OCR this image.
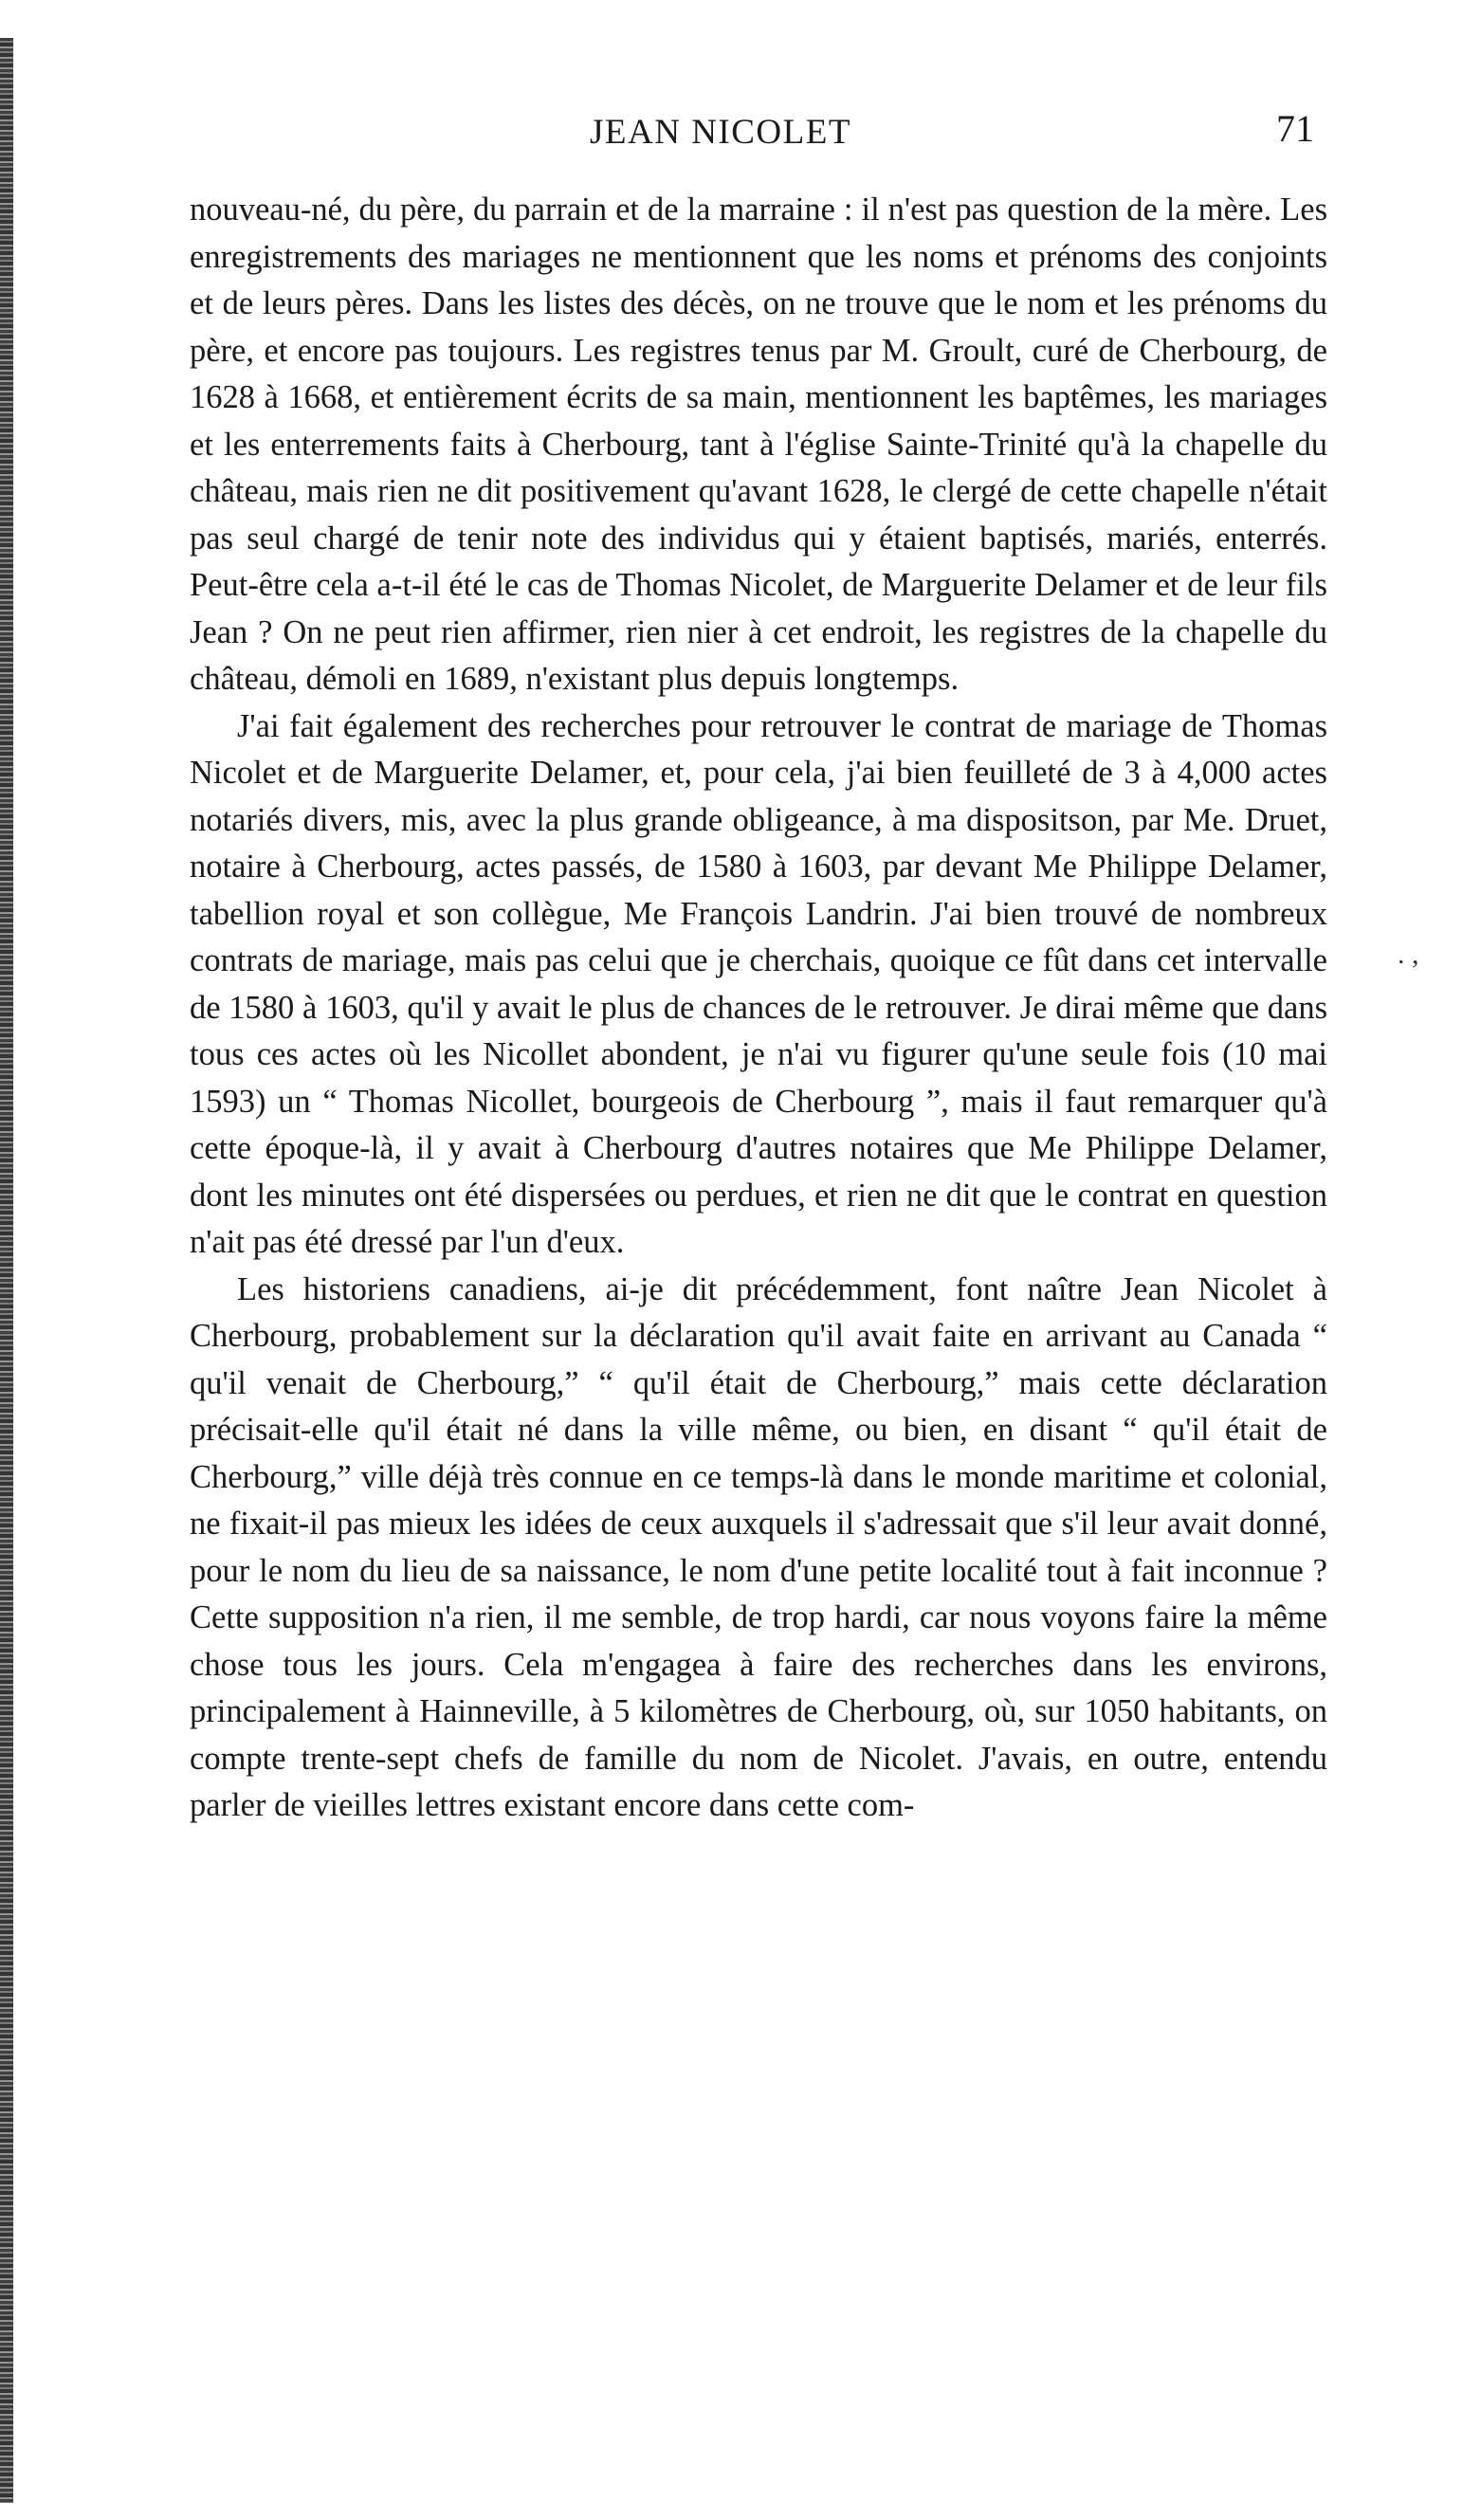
JEAN NICOLET	71

nouveau-né, du père, du parrain et de la marraine : il n'est pas question de la mère. Les enregistrements des mariages ne mentionnent que les noms et prénoms des conjoints et de leurs pères. Dans les listes des décès, on ne trouve que le nom et les prénoms du père, et encore pas toujours. Les registres tenus par M. Groult, curé de Cherbourg, de 1628 à 1668, et entièrement écrits de sa main, mentionnent les baptêmes, les mariages et les enterrements faits à Cherbourg, tant à l'église Sainte-Trinité qu'à la chapelle du château, mais rien ne dit positivement qu'avant 1628, le clergé de cette chapelle n'était pas seul chargé de tenir note des individus qui y étaient baptisés, mariés, enterrés. Peut-être cela a-t-il été le cas de Thomas Nicolet, de Marguerite Delamer et de leur fils Jean ? On ne peut rien affirmer, rien nier à cet endroit, les registres de la chapelle du château, démoli en 1689, n'existant plus depuis longtemps.

J'ai fait également des recherches pour retrouver le contrat de mariage de Thomas Nicolet et de Marguerite Delamer, et, pour cela, j'ai bien feuilleté de 3 à 4,000 actes notariés divers, mis, avec la plus grande obligeance, à ma dispositson, par Me. Druet, notaire à Cherbourg, actes passés, de 1580 à 1603, par devant Me Philippe Delamer, tabellion royal et son collègue, Me François Landrin. J'ai bien trouvé de nombreux contrats de mariage, mais pas celui que je cherchais, quoique ce fût dans cet intervalle de 1580 à 1603, qu'il y avait le plus de chances de le retrouver. Je dirai même que dans tous ces actes où les Nicollet abondent, je n'ai vu figurer qu'une seule fois (10 mai 1593) un “ Thomas Nicollet, bourgeois de Cherbourg ”, mais il faut remarquer qu'à cette époque-là, il y avait à Cherbourg d'autres notaires que Me Philippe Delamer, dont les minutes ont été dispersées ou perdues, et rien ne dit que le contrat en question n'ait pas été dressé par l'un d'eux.

Les historiens canadiens, ai-je dit précédemment, font naître Jean Nicolet à Cherbourg, probablement sur la déclaration qu'il avait faite en arrivant au Canada “ qu'il venait de Cherbourg,” “ qu'il était de Cherbourg,” mais cette déclaration précisait-elle qu'il était né dans la ville même, ou bien, en disant “ qu'il était de Cherbourg,” ville déjà très connue en ce temps-là dans le monde maritime et colonial, ne fixait-il pas mieux les idées de ceux auxquels il s'adressait que s'il leur avait donné, pour le nom du lieu de sa naissance, le nom d'une petite localité tout à fait inconnue ? Cette supposition n'a rien, il me semble, de trop hardi, car nous voyons faire la même chose tous les jours. Cela m'engagea à faire des recherches dans les environs, principalement à Hainneville, à 5 kilomètres de Cherbourg, où, sur 1050 habitants, on compte trente-sept chefs de famille du nom de Nicolet. J'avais, en outre, entendu parler de vieilles lettres existant encore dans cette com-

. ,
